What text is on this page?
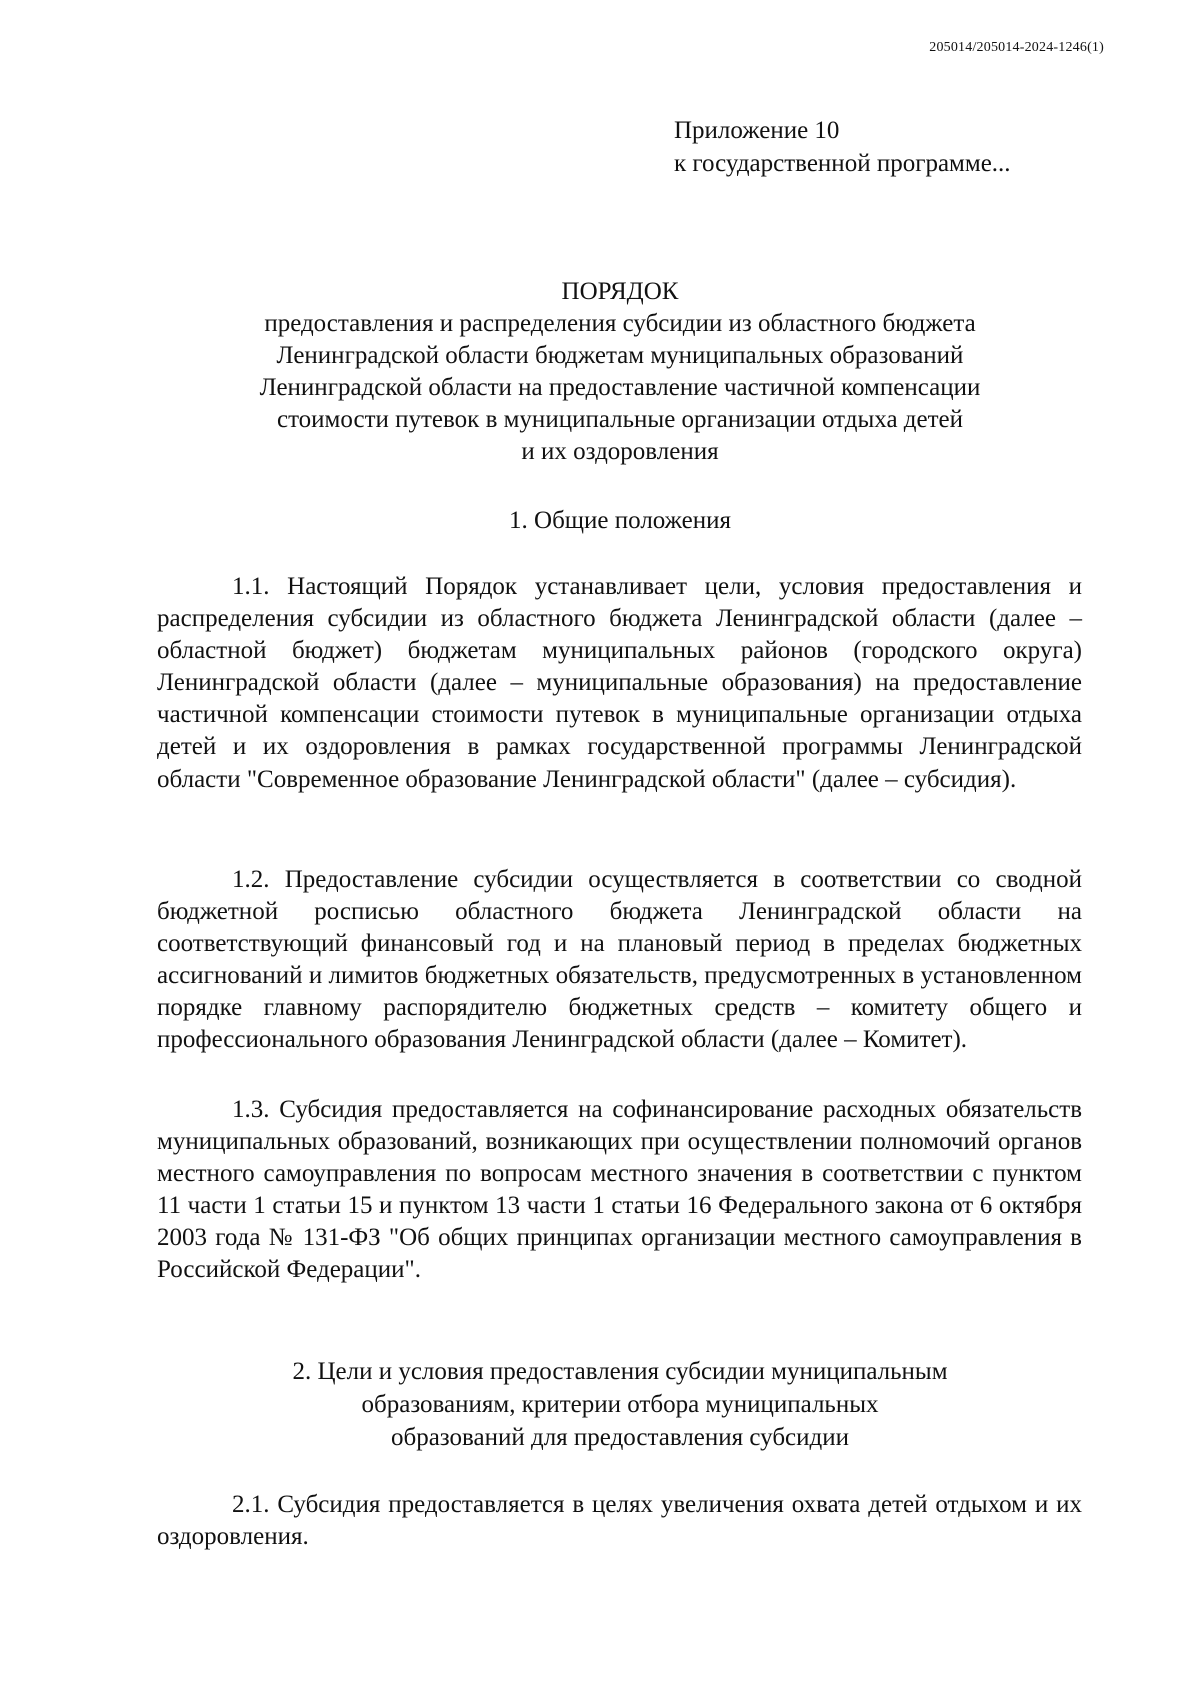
205014/205014-2024-1246(1)
Приложение 10
к государственной программе...
ПОРЯДОК
предоставления и распределения субсидии из областного бюджета
Ленинградской области бюджетам муниципальных образований
Ленинградской области на предоставление частичной компенсации
стоимости путевок в муниципальные организации отдыха детей
и их оздоровления
1. Общие положения

1.1. Настоящий Порядок устанавливает цели, условия предоставления и распределения субсидии из областного бюджета Ленинградской области (далее – областной бюджет) бюджетам муниципальных районов (городского округа) Ленинградской области (далее – муниципальные образования) на предоставление частичной компенсации стоимости путевок в муниципальные организации отдыха детей и их оздоровления в рамках государственной программы Ленинградской области "Современное образование Ленинградской области" (далее – субсидия).

1.2. Предоставление субсидии осуществляется в соответствии со сводной бюджетной росписью областного бюджета Ленинградской области на соответствующий финансовый год и на плановый период в пределах бюджетных ассигнований и лимитов бюджетных обязательств, предусмотренных в установленном порядке главному распорядителю бюджетных средств – комитету общего и профессионального образования Ленинградской области (далее – Комитет).

1.3. Субсидия предоставляется на софинансирование расходных обязательств муниципальных образований, возникающих при осуществлении полномочий органов местного самоуправления по вопросам местного значения в соответствии с пунктом 11 части 1 статьи 15 и пунктом 13 части 1 статьи 16 Федерального закона от 6 октября 2003 года № 131-ФЗ "Об общих принципах организации местного самоуправления в Российской Федерации".

2. Цели и условия предоставления субсидии муниципальным
образованиям, критерии отбора муниципальных
образований для предоставления субсидии

2.1. Субсидия предоставляется в целях увеличения охвата детей отдыхом и их оздоровления.
